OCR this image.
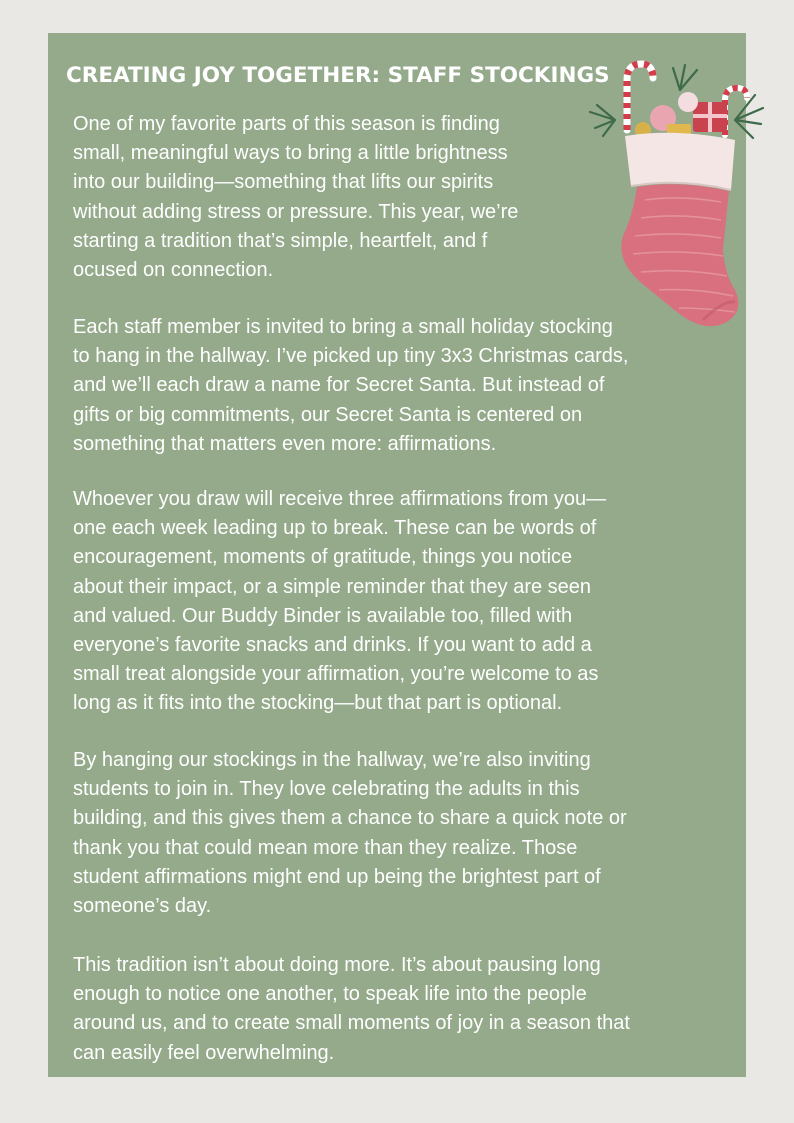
CREATING JOY TOGETHER: STAFF STOCKINGS

One of my favorite parts of this season is finding
small, meaningful ways to bring a little brightness
into our building—something that lifts our spirits
without adding stress or pressure. This year, we’re
starting a tradition that’s simple, heartfelt, and f
ocused on connection.

Each staff member is invited to bring a small holiday stocking
to hang in the hallway. I’ve picked up tiny 3x3 Christmas cards,
and we’ll each draw a name for Secret Santa. But instead of
gifts or big commitments, our Secret Santa is centered on
something that matters even more: affirmations.

Whoever you draw will receive three affirmations from you—
one each week leading up to break. These can be words of
encouragement, moments of gratitude, things you notice
about their impact, or a simple reminder that they are seen
and valued. Our Buddy Binder is available too, filled with
everyone’s favorite snacks and drinks. If you want to add a
small treat alongside your affirmation, you’re welcome to as
long as it fits into the stocking—but that part is optional.

By hanging our stockings in the hallway, we’re also inviting
students to join in. They love celebrating the adults in this
building, and this gives them a chance to share a quick note or
thank you that could mean more than they realize. Those
student affirmations might end up being the brightest part of
someone’s day.

This tradition isn’t about doing more. It’s about pausing long
enough to notice one another, to speak life into the people
around us, and to create small moments of joy in a season that
can easily feel overwhelming.
